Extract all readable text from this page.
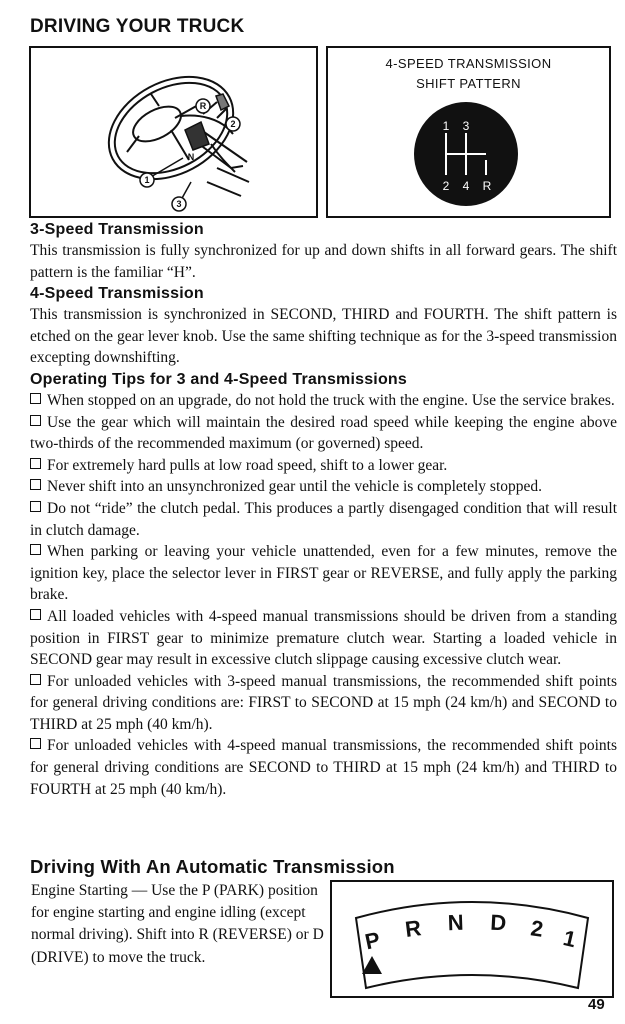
DRIVING YOUR TRUCK
R
N
1
2
3
4-SPEED TRANSMISSION
SHIFT PATTERN
1 3
2 4 R
3-Speed Transmission

This transmission is fully synchronized for up and down shifts in all forward gears. The shift pattern is the familiar “H”.

4-Speed Transmission

This transmission is synchronized in SECOND, THIRD and FOURTH. The shift pattern is etched on the gear lever knob. Use the same shifting technique as for the 3-speed transmission excepting downshifting.

Operating Tips for 3 and 4-Speed Transmissions

When stopped on an upgrade, do not hold the truck with the engine. Use the service brakes.

Use the gear which will maintain the desired road speed while keeping the engine above two-thirds of the recommended maximum (or governed) speed.

For extremely hard pulls at low road speed, shift to a lower gear.

Never shift into an unsynchronized gear until the vehicle is completely stopped.

Do not “ride” the clutch pedal. This produces a partly disengaged condition that will result in clutch damage.

When parking or leaving your vehicle unattended, even for a few minutes, remove the ignition key, place the selector lever in FIRST gear or REVERSE, and fully apply the parking brake.

All loaded vehicles with 4-speed manual transmissions should be driven from a standing position in FIRST gear to minimize premature clutch wear. Starting a loaded vehicle in SECOND gear may result in excessive clutch slippage causing excessive clutch wear.

For unloaded vehicles with 3-speed manual transmissions, the recommended shift points for general driving conditions are: FIRST to SECOND at 15 mph (24 km/h) and SECOND to THIRD at 25 mph (40 km/h).

For unloaded vehicles with 4-speed manual transmissions, the recommended shift points for general driving conditions are SECOND to THIRD at 15 mph (24 km/h) and THIRD to FOURTH at 25 mph (40 km/h).

Driving With An Automatic Transmission
Engine Starting — Use the P (PARK) position for engine starting and engine idling (except normal driving). Shift into R (REVERSE) or D (DRIVE) to move the truck.
P R N D 2 1
49
